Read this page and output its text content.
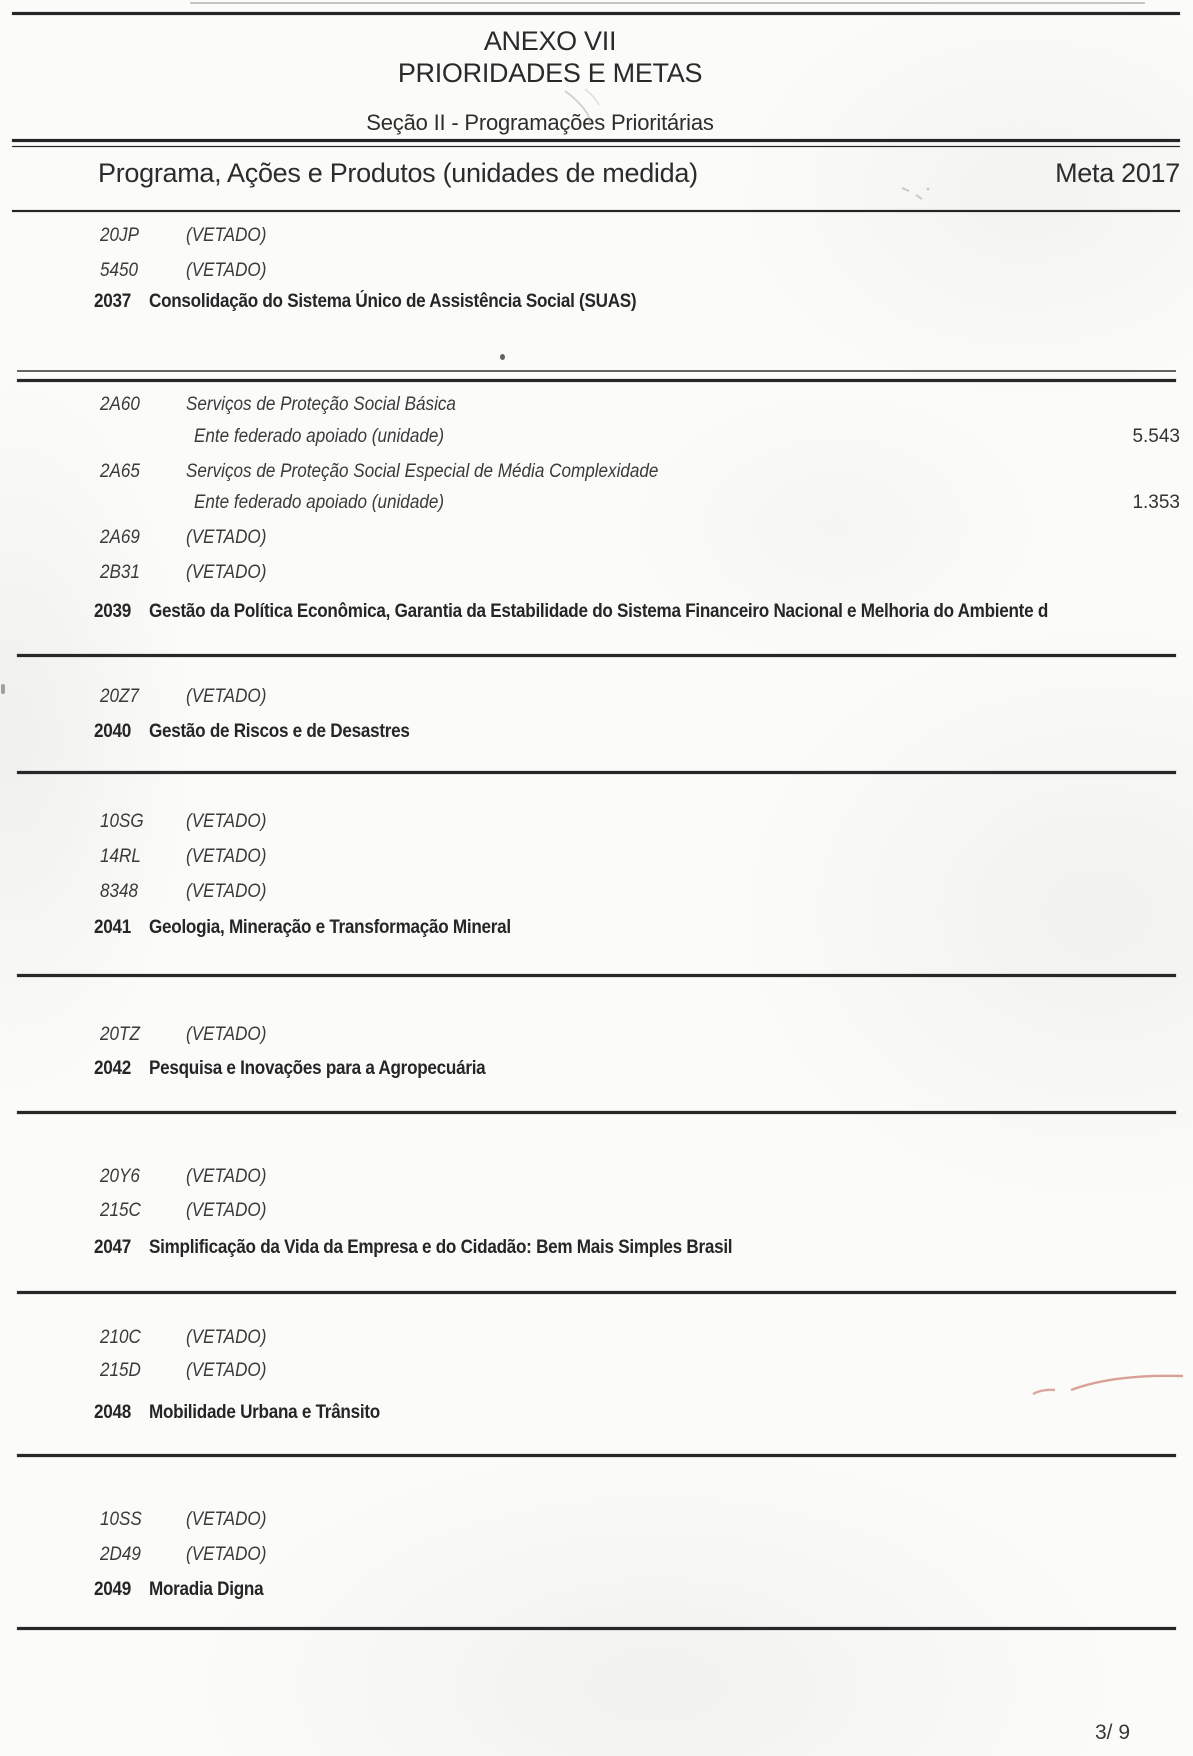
ANEXO VII
PRIORIDADES E METAS
Seção II - Programações Prioritárias
Programa, Ações e Produtos (unidades de medida)	Meta 2017
20JP (VETADO)
5450	(VETADO)
2037 Consolidação do Sistema Único de Assistência Social (SUAS)
2A60 Serviços de Proteção Social Básica
Ente federado apoiado (unidade)	5.543
2A65 Serviços de Proteção Social Especial de Média Complexidade
Ente federado apoiado (unidade)	1.353
2A69 (VETADO)
2B31 (VETADO)
2039 Gestão da Política Econômica, Garantia da Estabilidade do Sistema Financeiro Nacional e Melhoria do Ambiente d
20Z7 (VETADO)
2040 Gestão de Riscos e de Desastres
10SG (VETADO)
14RL (VETADO)
8348	(VETADO)
2041 Geologia, Mineração e Transformação Mineral
20TZ (VETADO)
2042 Pesquisa e Inovações para a Agropecuária
20Y6 (VETADO)
215C (VETADO)
2047 Simplificação da Vida da Empresa e do Cidadão: Bem Mais Simples Brasil
210C (VETADO)
215D (VETADO)
2048 Mobilidade Urbana e Trânsito
10SS (VETADO)
2D49 (VETADO)
2049 Moradia Digna
3/ 9
